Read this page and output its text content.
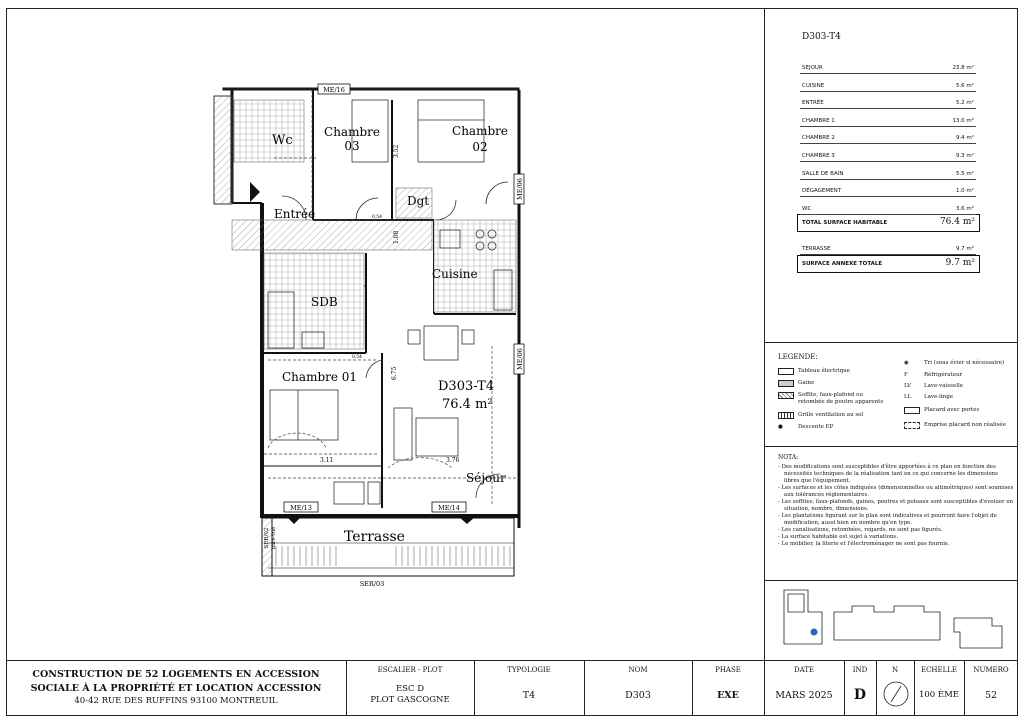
Wc
Chambre
03
Chambre
02
Entrée
Dgt
Cuisine
SDB
Chambre 01
D303-T4
76.4 m²
Séjour
Terrasse
ME/16
ME/06
ME/06
ME/13	ME/14
SER/03
SER/02 pare-vue
3.52
1.08
6.75
3.11	3.76
0.54
0.54
D303-T4
TOTAL SURFACE HABITABLE	76.4 m²
SURFACE ANNEXE TOTALE	9.7 m²
LEGENDE:
Tableau électrique
Gaine
Soffite, faux-plafond ou
retombée de poutre apparents
Grille ventilation au sol
●	Descente EP
◉	Tri (sous évier si nécessaire)
F	Réfrigérateur
LV	Lave-vaisselle
LL	Lave-linge
Placard avec portes
Emprise placard non réalisée
NOTA:
- Des modifications sont susceptibles d'être apportées à ce plan en fonction des nécessités techniques de la réalisation tant en ce qui concerne les dimensions libres que l'équipement.
- Les surfaces et les côtes indiquées (dimensionnelles ou altimétriques) sont soumises aux tolérances réglementaires.
- Les soffites, faux-plafonds, gaines, poutres et poteaux sont susceptibles d'évoluer en situation, nombre, dimensions.
- Les plantations figurant sur le plan sont indicatives et pourront faire l'objet de modification, aussi bien en nombre qu'en type.
- Les canalisations, retombées, regards, ne sont pas figurés.
- La surface habitable est sujet à variations.
- Le mobilier, la literie et l'électroménager ne sont pas fournis.
SEJOUR	23.8 m²
CUISINE	5.6 m²
ENTRÉE	5.2 m²
CHAMBRE 1	13.0 m²
CHAMBRE 2	9.4 m²
CHAMBRE 3	9.3 m²
SALLE DE BAIN	5.5 m²
DÉGAGEMENT	1.0 m²
WC	3.6 m²
TERRASSE	9.7 m²
CONSTRUCTION DE 52 LOGEMENTS EN ACCESSION
SOCIALE À LA PROPRIÉTÉ ET LOCATION ACCESSION
40-42 RUE DES RUFFINS 93100 MONTREUIL
ESCALIER - PLOT
ESC D
PLOT GASCOGNE
TYPOLOGIE
T4
NOM
D303
PHASE
EXE
DATE
MARS 2025
IND
D
N	ECHELLE
100 ÈME
NUMERO
52
